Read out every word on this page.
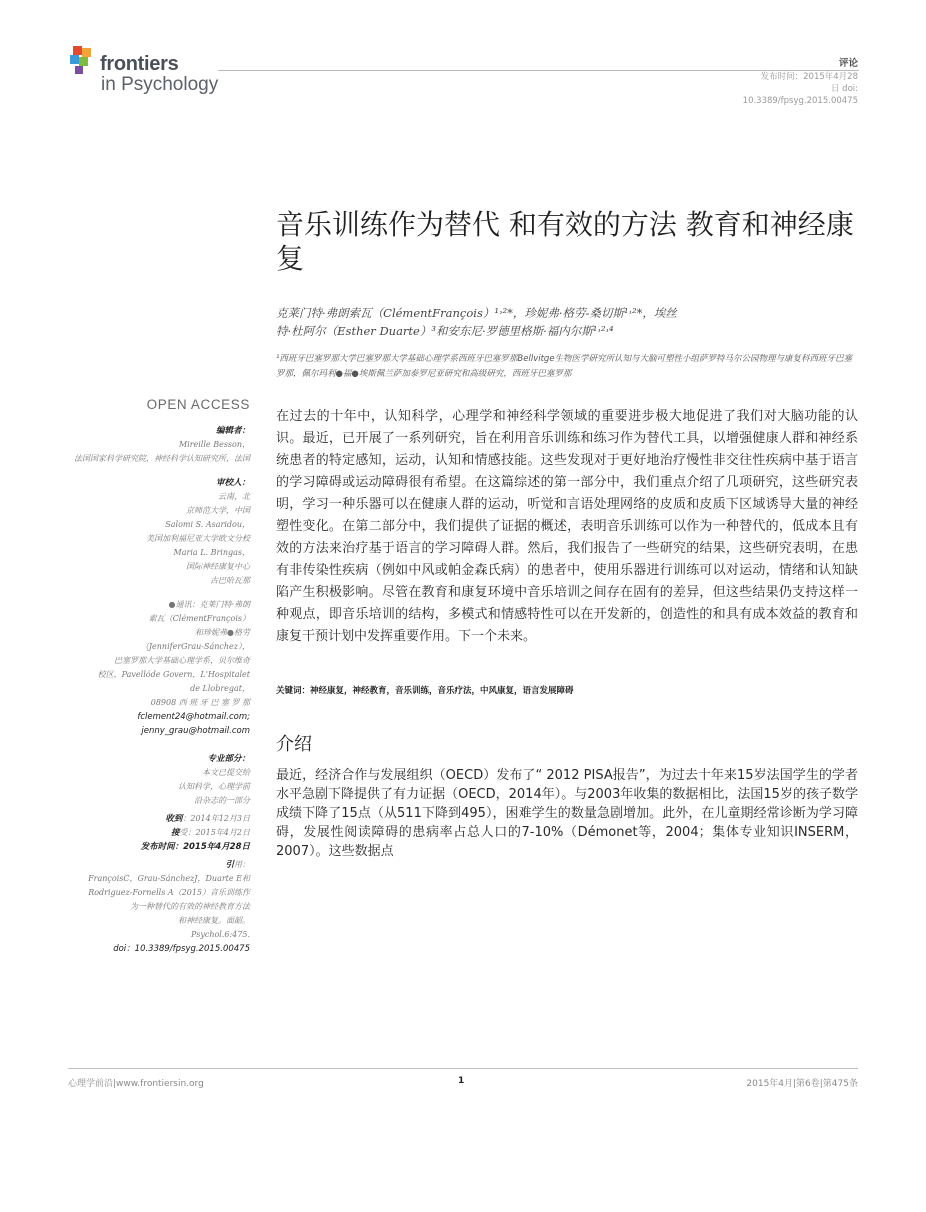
frontiers
in Psychology
评论
发布时间：2015年4月28
日 doi:
10.3389/fpsyg.2015.00475
音乐训练作为替代 和有效的方法 教育和神经康复
克莱门特·弗朗索瓦（ClémentFrançois）¹˒²*，珍妮弗·格劳-桑切斯¹˒²*，埃丝
特·杜阿尔（Esther Duarte）³和安东尼·罗德里格斯·福内尔斯¹˒²˒⁴
¹西班牙巴塞罗那大学巴塞罗那大学基础心理学系西班牙巴塞罗那Bellvitge生物医学研究所认知与大脑可塑性小组萨罗特马尔公园物理与康复科西班牙巴塞罗那，佩尔玛利●福●埃斯佩兰萨加泰罗尼亚研究和高级研究，西班牙巴塞罗那
OPEN ACCESS
编辑者：
Mireille Besson，
法国国家科学研究院，神经科学认知研究所，法国
审校人：
云南，北
京师范大学，中国
Salomi S. Asaridou，
美国加利福尼亚大学欧文分校
Maria L. Bringas，
国际神经康复中心
古巴哈瓦那
●通讯：克莱门特·弗朗
索瓦（ClémentFrançois）
和珍妮弗●格劳
（JenniferGrau-Sánchez），
巴塞罗那大学基础心理学系，贝尔维奇
校区，Pavellóde Govern，L'Hospitalet
de Llobregat，
08908 西 班 牙 巴 塞 罗 那
fclement24@hotmail.com;
jenny_grau@hotmail.com
专业部分：
本文已提交给
认知科学，心理学前
沿杂志的一部分
收到：2014年12月3日
接受：2015年4月2日
发布时间：2015年4月28日
引用：
FrançoisC，Grau-SánchezJ，Duarte E和
Rodriguez-Fornells A（2015）音乐训练作
为一种替代的有效的神经教育方法
和神经康复。面韶。
Psychol.6:475.
doi：10.3389/fpsyg.2015.00475
在过去的十年中，认知科学，心理学和神经科学领域的重要进步极大地促进了我们对大脑功能的认识。最近，已开展了一系列研究，旨在利用音乐训练和练习作为替代工具，以增强健康人群和神经系统患者的特定感知，运动，认知和情感技能。这些发现对于更好地治疗慢性非交往性疾病中基于语言的学习障碍或运动障碍很有希望。在这篇综述的第一部分中，我们重点介绍了几项研究，这些研究表明，学习一种乐器可以在健康人群的运动，听觉和言语处理网络的皮质和皮质下区域诱导大量的神经塑性变化。在第二部分中，我们提供了证据的概述，表明音乐训练可以作为一种替代的，低成本且有效的方法来治疗基于语言的学习障碍人群。然后，我们报告了一些研究的结果，这些研究表明，在患有非传染性疾病（例如中风或帕金森氏病）的患者中，使用乐器进行训练可以对运动，情绪和认知缺陷产生积极影响。尽管在教育和康复环境中音乐培训之间存在固有的差异，但这些结果仍支持这样一种观点，即音乐培训的结构，多模式和情感特性可以在开发新的，创造性的和具有成本效益的教育和康复干预计划中发挥重要作用。下一个未来。
关键词：神经康复，神经教育，音乐训练，音乐疗法，中风康复，语言发展障碍
介绍
最近，经济合作与发展组织（OECD）发布了“ 2012 PISA报告”，为过去十年来15岁法国学生的学者水平急剧下降提供了有力证据（OECD，2014年）。与2003年收集的数据相比，法国15岁的孩子数学成绩下降了15点（从511下降到495），困难学生的数量急剧增加。此外，在儿童期经常诊断为学习障碍，发展性阅读障碍的患病率占总人口的7-10%（Démonet等，2004；集体专业知识INSERM，2007）。这些数据点
心理学前沿|www.frontiersin.org	1	2015年4月|第6卷|第475条
